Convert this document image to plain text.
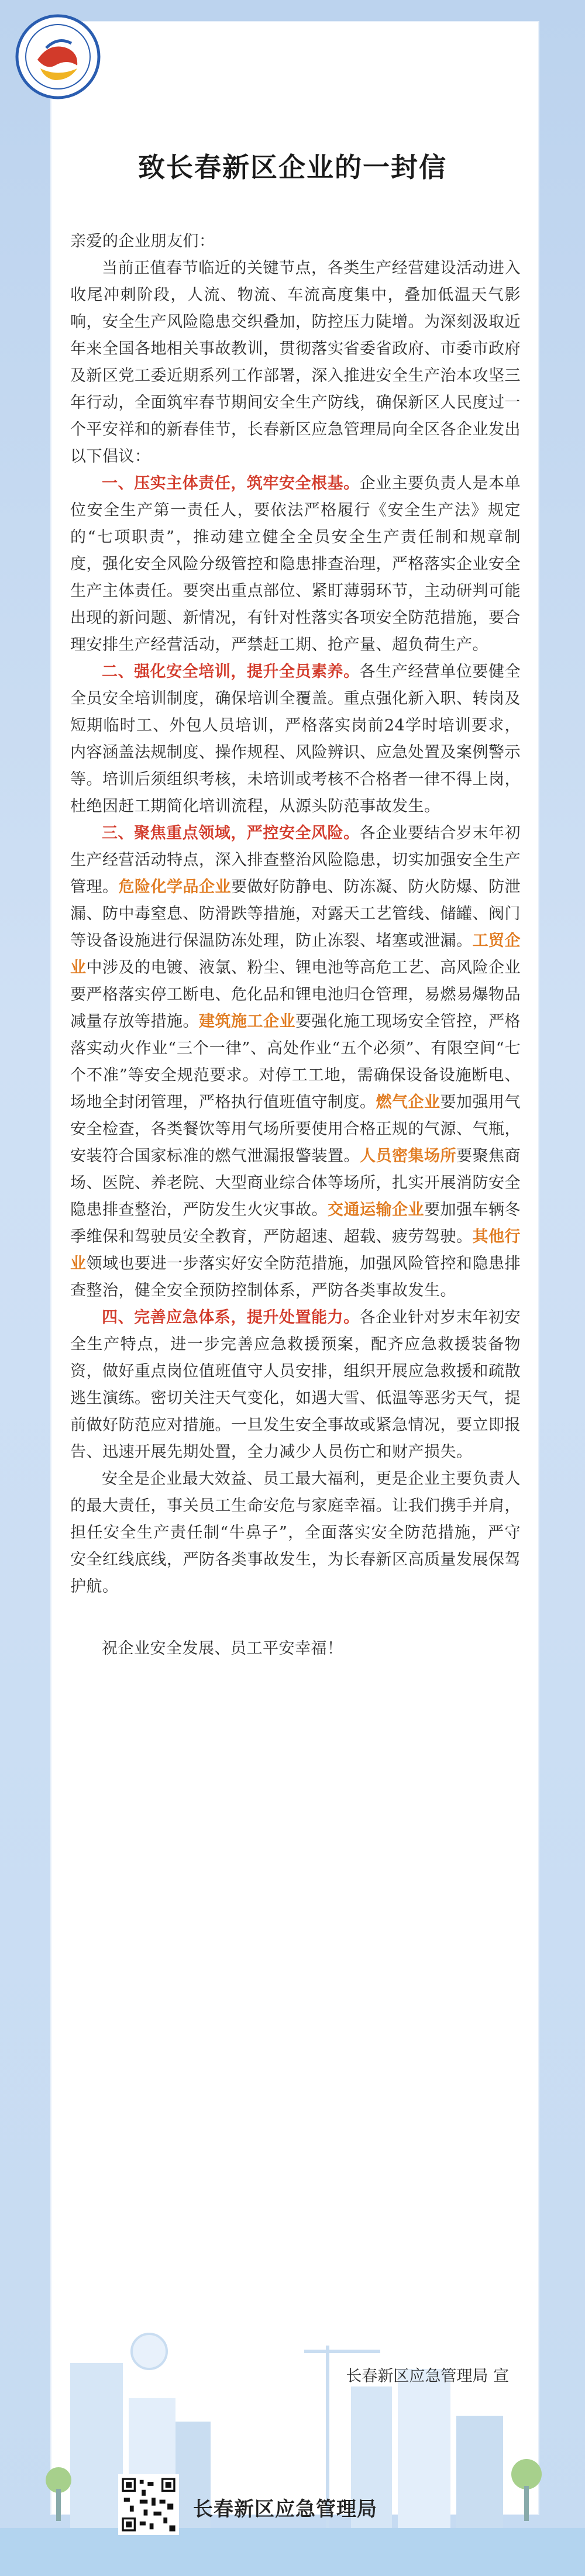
致长春新区企业的一封信

亲爱的企业朋友们：

当前正值春节临近的关键节点，各类生产经营建设活动进入收尾冲刺阶段，人流、物流、车流高度集中，叠加低温天气影响，安全生产风险隐患交织叠加，防控压力陡增。为深刻汲取近年来全国各地相关事故教训，贯彻落实省委省政府、市委市政府及新区党工委近期系列工作部署，深入推进安全生产治本攻坚三年行动，全面筑牢春节期间安全生产防线，确保新区人民度过一个平安祥和的新春佳节，长春新区应急管理局向全区各企业发出以下倡议：

一、压实主体责任，筑牢安全根基。企业主要负责人是本单位安全生产第一责任人，要依法严格履行《安全生产法》规定的“七项职责”，推动建立健全全员安全生产责任制和规章制度，强化安全风险分级管控和隐患排查治理，严格落实企业安全生产主体责任。要突出重点部位、紧盯薄弱环节，主动研判可能出现的新问题、新情况，有针对性落实各项安全防范措施，要合理安排生产经营活动，严禁赶工期、抢产量、超负荷生产。

二、强化安全培训，提升全员素养。各生产经营单位要健全全员安全培训制度，确保培训全覆盖。重点强化新入职、转岗及短期临时工、外包人员培训，严格落实岗前24学时培训要求，内容涵盖法规制度、操作规程、风险辨识、应急处置及案例警示等。培训后须组织考核，未培训或考核不合格者一律不得上岗，杜绝因赶工期简化培训流程，从源头防范事故发生。

三、聚焦重点领域，严控安全风险。各企业要结合岁末年初生产经营活动特点，深入排查整治风险隐患，切实加强安全生产管理。危险化学品企业要做好防静电、防冻凝、防火防爆、防泄漏、防中毒窒息、防滑跌等措施，对露天工艺管线、储罐、阀门等设备设施进行保温防冻处理，防止冻裂、堵塞或泄漏。工贸企业中涉及的电镀、液氯、粉尘、锂电池等高危工艺、高风险企业要严格落实停工断电、危化品和锂电池归仓管理，易燃易爆物品减量存放等措施。建筑施工企业要强化施工现场安全管控，严格落实动火作业“三个一律”、高处作业“五个必须”、有限空间“七个不准”等安全规范要求。对停工工地，需确保设备设施断电、场地全封闭管理，严格执行值班值守制度。燃气企业要加强用气安全检查，各类餐饮等用气场所要使用合格正规的气源、气瓶，安装符合国家标准的燃气泄漏报警装置。人员密集场所要聚焦商场、医院、养老院、大型商业综合体等场所，扎实开展消防安全隐患排查整治，严防发生火灾事故。交通运输企业要加强车辆冬季维保和驾驶员安全教育，严防超速、超载、疲劳驾驶。其他行业领域也要进一步落实好安全防范措施，加强风险管控和隐患排查整治，健全安全预防控制体系，严防各类事故发生。

四、完善应急体系，提升处置能力。各企业针对岁末年初安全生产特点，进一步完善应急救援预案，配齐应急救援装备物资，做好重点岗位值班值守人员安排，组织开展应急救援和疏散逃生演练。密切关注天气变化，如遇大雪、低温等恶劣天气，提前做好防范应对措施。一旦发生安全事故或紧急情况，要立即报告、迅速开展先期处置，全力减少人员伤亡和财产损失。

安全是企业最大效益、员工最大福利，更是企业主要负责人的最大责任，事关员工生命安危与家庭幸福。让我们携手并肩，担任安全生产责任制“牛鼻子”，全面落实安全防范措施，严守安全红线底线，严防各类事故发生，为长春新区高质量发展保驾护航。

祝企业安全发展、员工平安幸福！

长春新区应急管理局 宣
长春新区应急管理局
